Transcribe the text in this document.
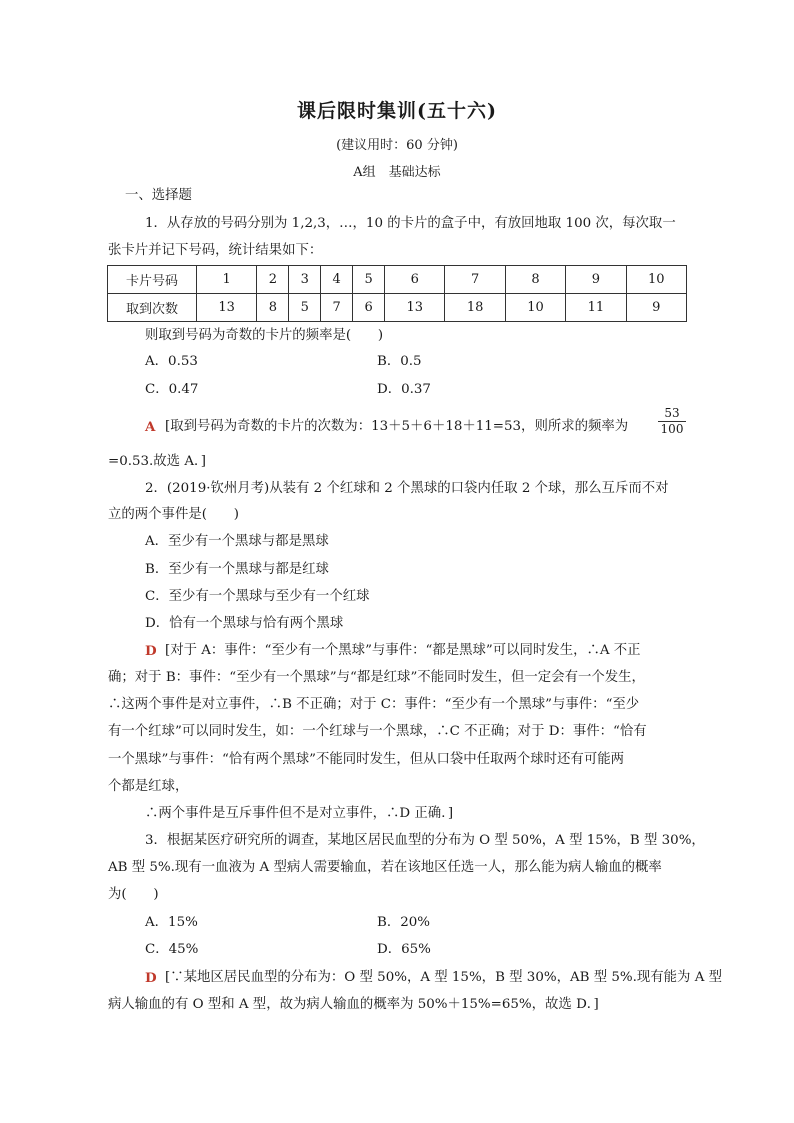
课后限时集训(五十六)
(建议用时：60 分钟)
A组　基础达标
一、选择题
1．从存放的号码分别为 1,2,3，…，10 的卡片的盒子中，有放回地取 100 次，每次取一
张卡片并记下号码，统计结果如下：
卡片号码	1	2	3	4	5	6	7	8	9	10
取到次数	13	8	5	7	6	13	18	10	11	9
则取到号码为奇数的卡片的频率是(　　)
A．0.53	B．0.5
C．0.47	D．0.37
A [取到号码为奇数的卡片的次数为：13＋5＋6＋18＋11=53，则所求的频率为 $\frac{53}{100}$
=0.53.故选 A．]
2．(2019·钦州月考)从装有 2 个红球和 2 个黑球的口袋内任取 2 个球，那么互斥而不对
立的两个事件是(　　)
A．至少有一个黑球与都是黑球
B．至少有一个黑球与都是红球
C．至少有一个黑球与至少有一个红球
D．恰有一个黑球与恰有两个黑球
D [对于 A：事件：“至少有一个黑球”与事件：“都是黑球”可以同时发生，∴A 不正
确；对于 B：事件：“至少有一个黑球”与“都是红球”不能同时发生，但一定会有一个发生，
∴这两个事件是对立事件，∴B 不正确；对于 C：事件：“至少有一个黑球”与事件：“至少
有一个红球”可以同时发生，如：一个红球与一个黑球，∴C 不正确；对于 D：事件：“恰有
一个黑球”与事件：“恰有两个黑球”不能同时发生，但从口袋中任取两个球时还有可能两
个都是红球，
∴两个事件是互斥事件但不是对立事件，∴D 正确．]
3．根据某医疗研究所的调查，某地区居民血型的分布为 O 型 50%，A 型 15%，B 型 30%，
AB 型 5%.现有一血液为 A 型病人需要输血，若在该地区任选一人，那么能为病人输血的概率
为(　　)
A．15%	B．20%
C．45%	D．65%
D [∵某地区居民血型的分布为：O 型 50%，A 型 15%，B 型 30%，AB 型 5%.现有能为 A 型
病人输血的有 O 型和 A 型，故为病人输血的概率为 50%＋15%=65%，故选 D．]
